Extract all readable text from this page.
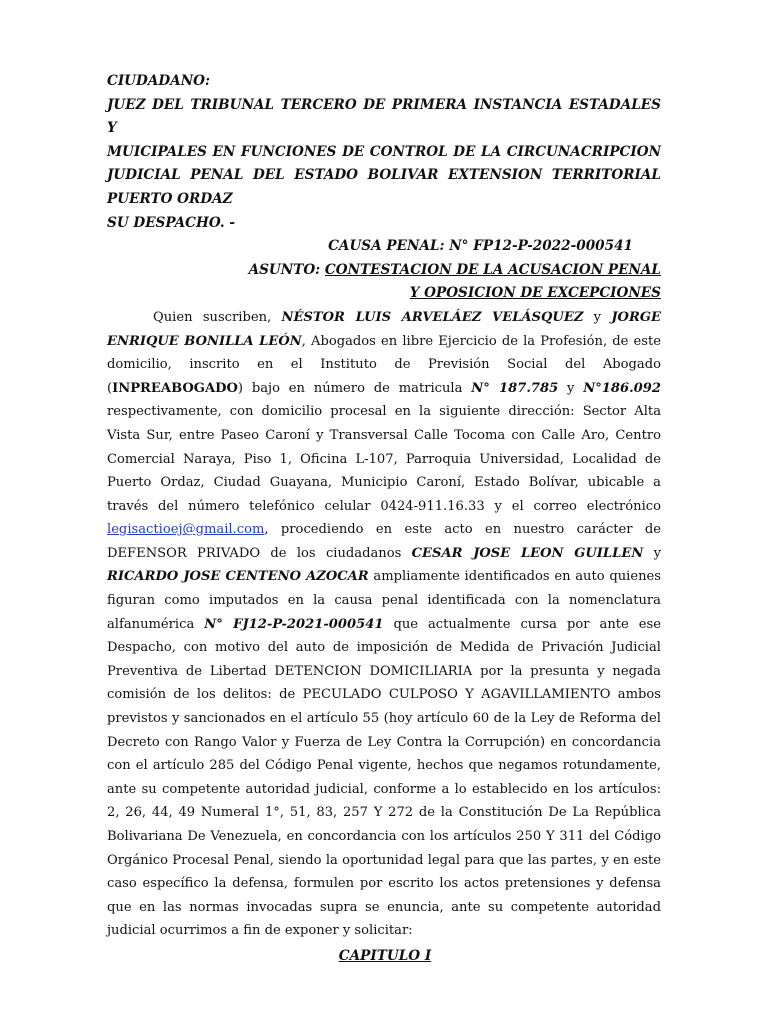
CIUDADANO:
JUEZ DEL TRIBUNAL TERCERO DE PRIMERA INSTANCIA ESTADALES Y
MUICIPALES EN FUNCIONES DE CONTROL DE LA CIRCUNACRIPCION
JUDICIAL PENAL DEL ESTADO BOLIVAR EXTENSION TERRITORIAL
PUERTO ORDAZ
SU DESPACHO. -
CAUSA PENAL: N° FP12-P-2022-000541
ASUNTO: CONTESTACION DE LA ACUSACION PENAL
Y OPOSICION DE EXCEPCIONES

Quien suscriben, NÉSTOR LUIS ARVELÁEZ VELÁSQUEZ y JORGE ENRIQUE BONILLA LEÓN, Abogados en libre Ejercicio de la Profesión, de este domicilio, inscrito en el Instituto de Previsión Social del Abogado (INPREABOGADO) bajo en número de matricula N° 187.785 y N°186.092 respectivamente, con domicilio procesal en la siguiente dirección: Sector Alta Vista Sur, entre Paseo Caroní y Transversal Calle Tocoma con Calle Aro, Centro Comercial Naraya, Piso 1, Oficina L-107, Parroquia Universidad, Localidad de Puerto Ordaz, Ciudad Guayana, Municipio Caroní, Estado Bolívar, ubicable a través del número telefónico celular 0424-911.16.33 y el correo electrónico legisactioej@gmail.com, procediendo en este acto en nuestro carácter de DEFENSOR PRIVADO de los ciudadanos CESAR JOSE LEON GUILLEN y RICARDO JOSE CENTENO AZOCAR ampliamente identificados en auto quienes figuran como imputados en la causa penal identificada con la nomenclatura alfanumérica N° FJ12-P-2021-000541 que actualmente cursa por ante ese Despacho, con motivo del auto de imposición de Medida de Privación Judicial Preventiva de Libertad DETENCION DOMICILIARIA por la presunta y negada comisión de los delitos: de PECULADO CULPOSO Y AGAVILLAMIENTO ambos previstos y sancionados en el artículo 55 (hoy artículo 60 de la Ley de Reforma del Decreto con Rango Valor y Fuerza de Ley Contra la Corrupción) en concordancia con el artículo 285 del Código Penal vigente, hechos que negamos rotundamente, ante su competente autoridad judicial, conforme a lo establecido en los artículos: 2, 26, 44, 49 Numeral 1°, 51, 83, 257 Y 272 de la Constitución De La República Bolivariana De Venezuela, en concordancia con los artículos 250 Y 311 del Código Orgánico Procesal Penal, siendo la oportunidad legal para que las partes, y en este caso específico la defensa, formulen por escrito los actos pretensiones y defensa que en las normas invocadas supra se enuncia, ante su competente autoridad judicial ocurrimos a fin de exponer y solicitar:

CAPITULO I
